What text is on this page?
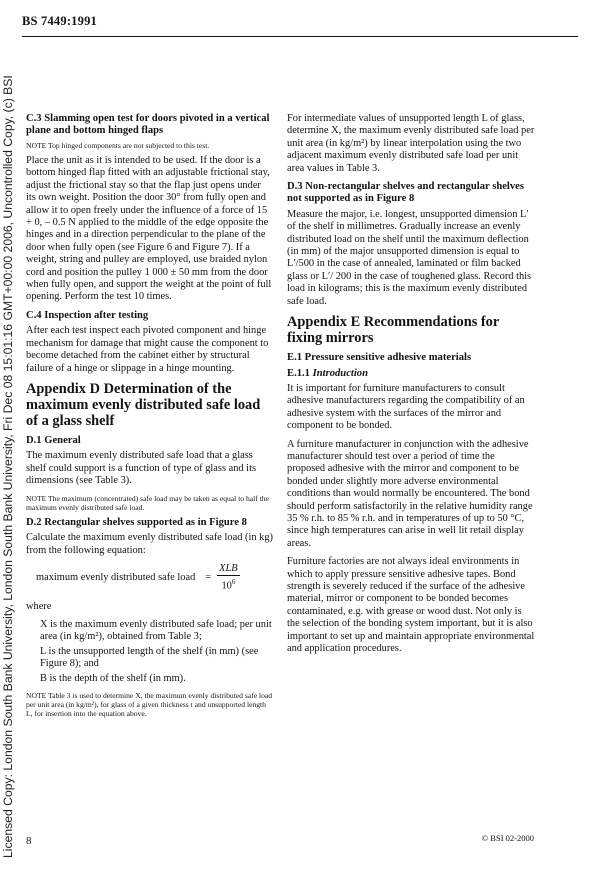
BS 7449:1991
Licensed Copy: London South Bank University, London South Bank University, Fri Dec 08 15:01:16 GMT+00:00 2006, Uncontrolled Copy, (c) BSI C.3 Slamming open test for doors pivoted in a vertical plane and bottom hinged flaps
NOTE Top hinged components are not subjected to this test.
Place the unit as it is intended to be used. If the door is a bottom hinged flap fitted with an adjustable frictional stay, adjust the frictional stay so that the flap just opens under its own weight. Position the door 30° from fully open and allow it to open freely under the influence of a force of 15 + 0, – 0.5 N applied to the middle of the edge opposite the hinges and in a direction perpendicular to the plane of the door when fully open (see Figure 6 and Figure 7). If a weight, string and pulley are employed, use braided nylon cord and position the pulley 1 000 ± 50 mm from the door when fully open, and support the weight at the point of full opening. Perform the test 10 times.
C.4 Inspection after testing
After each test inspect each pivoted component and hinge mechanism for damage that might cause the component to become detached from the cabinet either by structural failure of a hinge or slippage in a hinge mounting.
Appendix D Determination of the maximum evenly distributed safe load of a glass shelf
D.1 General
The maximum evenly distributed safe load that a glass shelf could support is a function of type of glass and its dimensions (see Table 3).
NOTE The maximum (concentrated) safe load may be taken as equal to half the maximum evenly distributed safe load.
D.2 Rectangular shelves supported as in Figure 8
Calculate the maximum evenly distributed safe load (in kg) from the following equation:
maximum evenly distributed safe load = $\frac{\text{XLB}}{10^6}$
where
X is the maximum evenly distributed safe load; per unit area (in kg/m²), obtained from Table 3;
L is the unsupported length of the shelf (in mm) (see Figure 8); and
B is the depth of the shelf (in mm).
NOTE Table 3 is used to determine X, the maximum evenly distributed safe load per unit area (in kg/m²), for glass of a given thickness t and unsupported length L, for insertion into the equation above.
For intermediate values of unsupported length L of glass, determine X, the maximum evenly distributed safe load per unit area (in kg/m²) by linear interpolation using the two adjacent maximum evenly distributed safe load per unit area values in Table 3.
D.3 Non-rectangular shelves and rectangular shelves not supported as in Figure 8
Measure the major, i.e. longest, unsupported dimension L′ of the shelf in millimetres. Gradually increase an evenly distributed load on the shelf until the maximum deflection (in mm) of the major unsupported dimension is equal to L′/500 in the case of annealed, laminated or film backed glass or L′/ 200 in the case of toughened glass. Record this load in kilograms; this is the maximum evenly distributed safe load.
Appendix E Recommendations for fixing mirrors
E.1 Pressure sensitive adhesive materials
E.1.1 Introduction
It is important for furniture manufacturers to consult adhesive manufacturers regarding the compatibility of an adhesive system with the surfaces of the mirror and component to be bonded.
A furniture manufacturer in conjunction with the adhesive manufacturer should test over a period of time the proposed adhesive with the mirror and component to be bonded under slightly more adverse environmental conditions than would normally be encountered. The bond should perform satisfactorily in the relative humidity range 35 % r.h. to 85 % r.h. and in temperatures of up to 50 °C, since high temperatures can arise in well lit retail display areas.
Furniture factories are not always ideal environments in which to apply pressure sensitive adhesive tapes. Bond strength is severely reduced if the surface of the adhesive material, mirror or component to be bonded becomes contaminated, e.g. with grease or wood dust. Not only is the selection of the bonding system important, but it is also important to set up and maintain appropriate environmental and application procedures.
8	© BSI 02-2000
